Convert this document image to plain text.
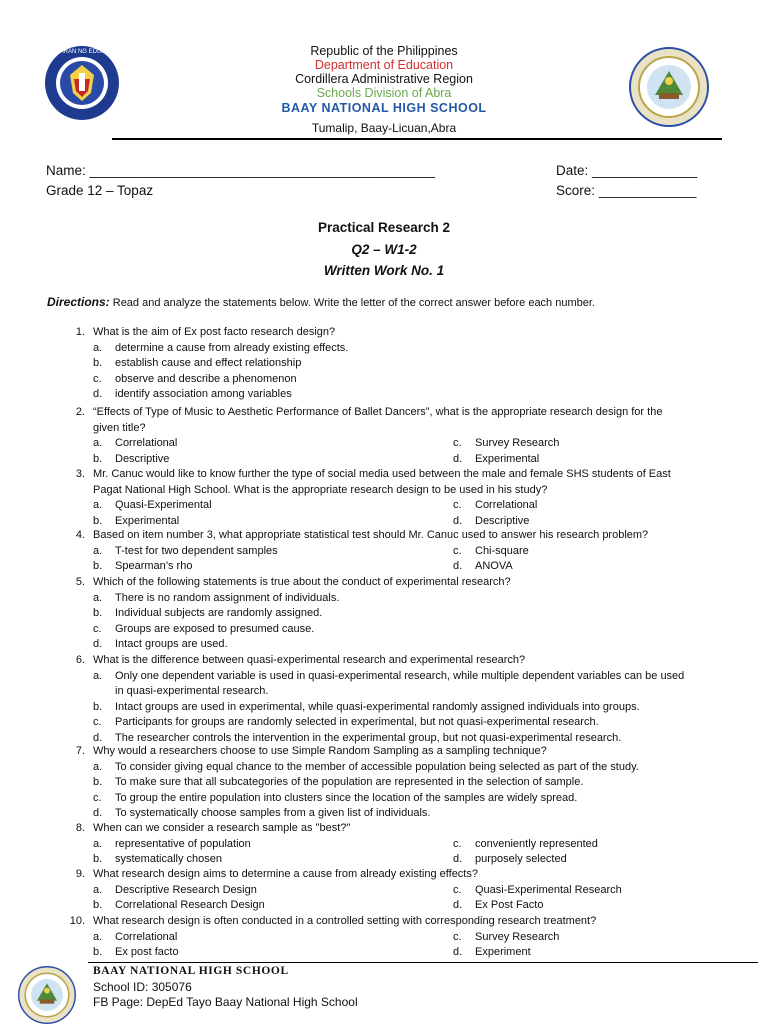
KAGAWARAN NG EDUKASYON	Republic of the Philippines
Department of Education
Cordillera Administrative Region
Schools Division of Abra
BAAY NATIONAL HIGH SCHOOL
Tumalip, Baay-Licuan,Abra
Name: ______________________________________________	Date: ______________
Grade 12 – Topaz	Score: _____________
Practical Research 2
Q2 – W1-2
Written Work No. 1
Directions: Read and analyze the statements below. Write the letter of the correct answer before each number.
1. What is the aim of Ex post facto research design?
a. determine a cause from already existing effects.
b. establish cause and effect relationship
c. observe and describe a phenomenon
d. identify association among variables
2. “Effects of Type of Music to Aesthetic Performance of Ballet Dancers”, what is the appropriate research design for the
given title?
a. Correlational	c. Survey Research
b. Descriptive	d. Experimental
3. Mr. Canuc would like to know further the type of social media used between the male and female SHS students of East
Pagat National High School. What is the appropriate research design to be used in his study?
a. Quasi-Experimental	c. Correlational
b. Experimental	d. Descriptive
4. Based on item number 3, what appropriate statistical test should Mr. Canuc used to answer his research problem?
a. T-test for two dependent samples	c. Chi-square
b. Spearman’s rho	d. ANOVA
5. Which of the following statements is true about the conduct of experimental research?
a. There is no random assignment of individuals.
b. Individual subjects are randomly assigned.
c. Groups are exposed to presumed cause.
d. Intact groups are used.
6. What is the difference between quasi-experimental research and experimental research?
a. Only one dependent variable is used in quasi-experimental research, while multiple dependent variables can be used
in quasi-experimental research.
b. Intact groups are used in experimental, while quasi-experimental randomly assigned individuals into groups.
c. Participants for groups are randomly selected in experimental, but not quasi-experimental research.
d. The researcher controls the intervention in the experimental group, but not quasi-experimental research.
7. Why would a researchers choose to use Simple Random Sampling as a sampling technique?
a. To consider giving equal chance to the member of accessible population being selected as part of the study.
b. To make sure that all subcategories of the population are represented in the selection of sample.
c. To group the entire population into clusters since the location of the samples are widely spread.
d. To systematically choose samples from a given list of individuals.
8. When can we consider a research sample as "best?"
a. representative of population	c. conveniently represented
b. systematically chosen	d. purposely selected
9. What research design aims to determine a cause from already existing effects?
a. Descriptive Research Design	c. Quasi-Experimental Research
b. Correlational Research Design	d. Ex Post Facto
10. What research design is often conducted in a controlled setting with corresponding research treatment?
a. Correlational	c. Survey Research
b. Ex post facto	d. Experiment
BAAY NATIONAL HIGH SCHOOL
School ID: 305076
FB Page: DepEd Tayo Baay National High School
